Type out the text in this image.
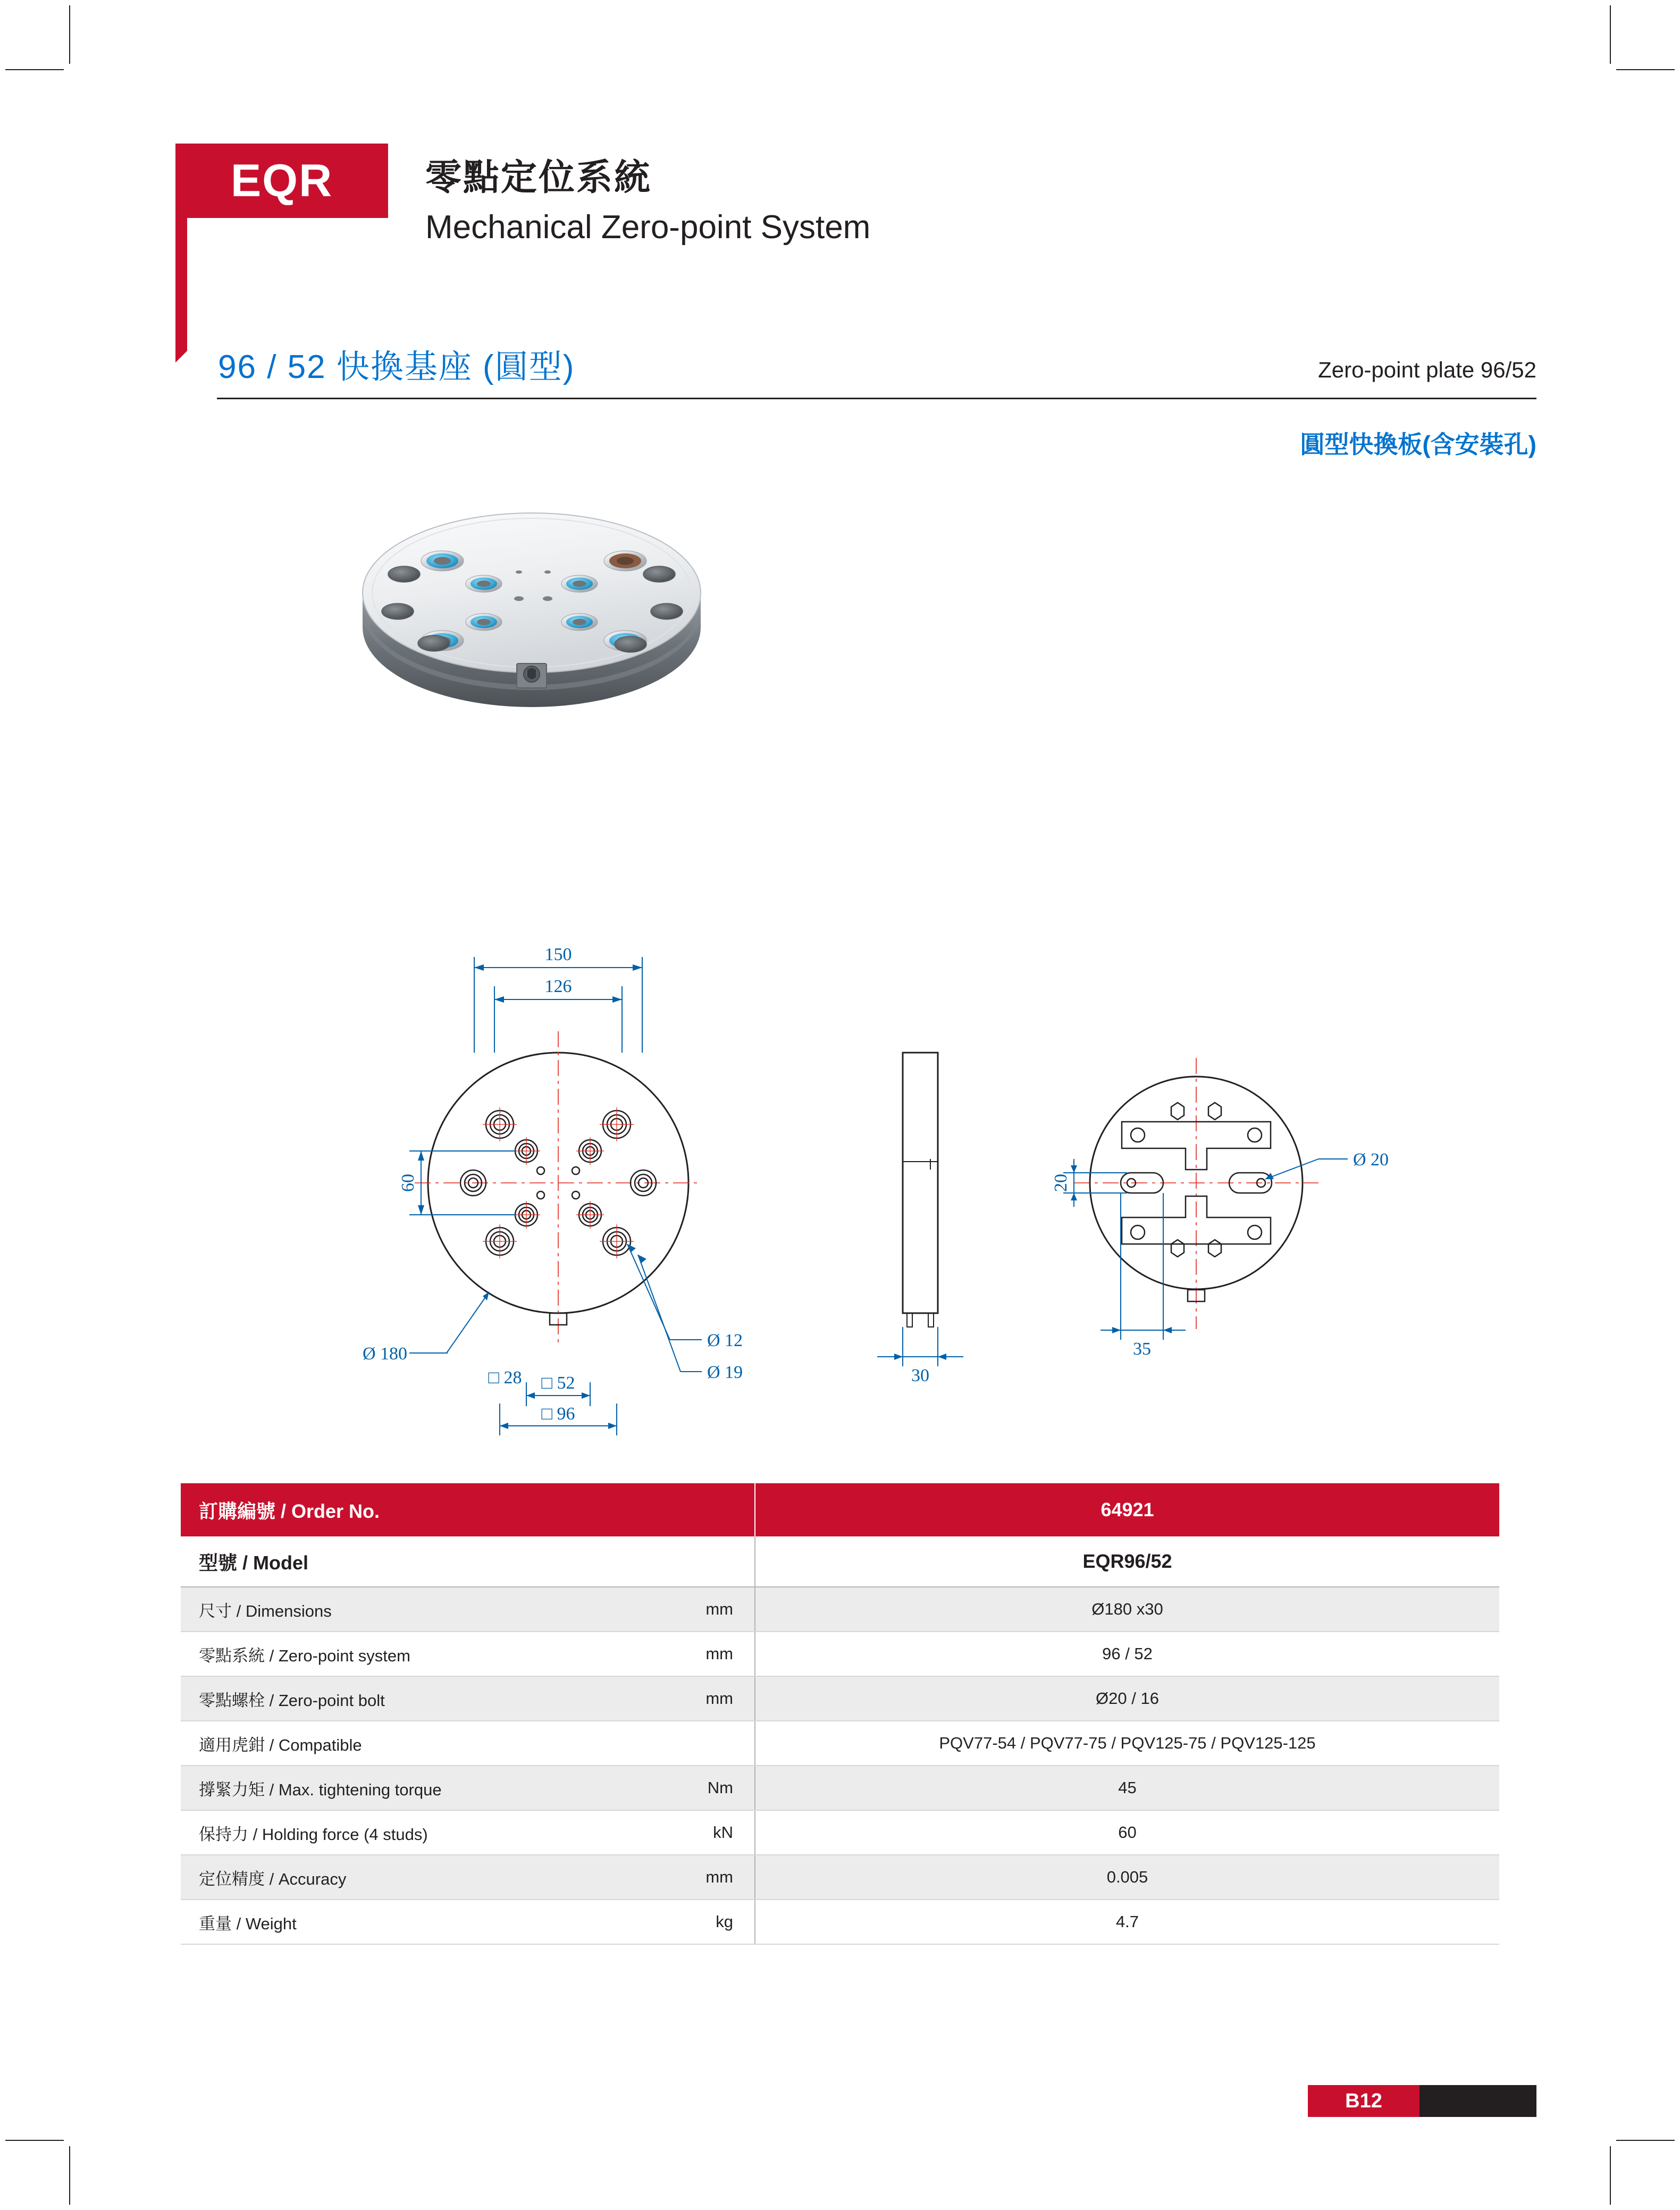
EQR	零點定位系統
Mechanical Zero-point System
96 / 52 快換基座 (圓型)	Zero-point plate 96/52
圓型快換板(含安裝孔)
150
126
60
Ø 180
□ 28 □ 52
□ 96
Ø 12
Ø 19	30
20
35
Ø 20
訂購編號 / Order No.		64921
型號 / Model		EQR96/52
尺寸 / Dimensions	mm	Ø180 x30
零點系統 / Zero-point system	mm	96 / 52
零點螺栓 / Zero-point bolt	mm	Ø20 / 16
適用虎鉗 / Compatible		PQV77-54 / PQV77-75 / PQV125-75 / PQV125-125
撐緊力矩 / Max. tightening torque	Nm	45
保持力 / Holding force (4 studs)	kN	60
定位精度 / Accuracy	mm	0.005
重量 / Weight	kg	4.7
B12
